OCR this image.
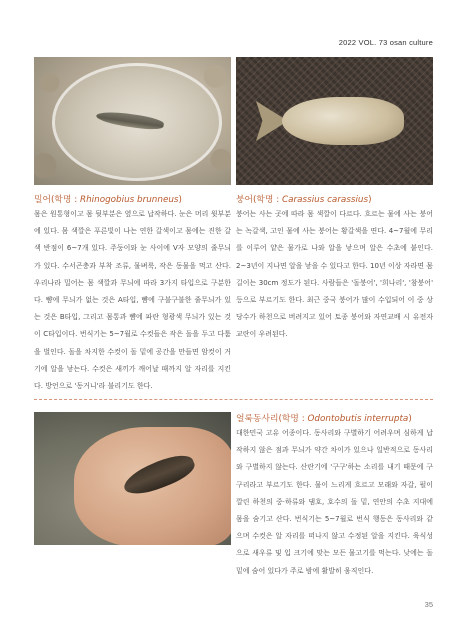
2022 VOL. 73 osan culture
밀어(학명 : Rhinogobius brunneus)
몸은 원통형이고 몸 뒷부분은 옆으로 납작하다. 눈은 머리 윗부분에 있다. 몸 색깔은 푸른빛이 나는 연한 갈색이고 몸에는 진한 갈색 반점이 6~7개 있다. 주둥이와 눈 사이에 V자 모양의 줄무늬가 있다. 수서곤충과 부착 조류, 물벼룩, 작은 동물을 먹고 산다. 우리나라 밀어는 몸 색깔과 무늬에 따라 3가지 타입으로 구분한다. 뺨에 무늬가 없는 것은 A타입, 뺨에 구불구불한 줄무늬가 있는 것은 B타입, 그리고 몸통과 뺨에 파란 형광색 무늬가 있는 것이 C타입이다. 번식기는 5~7월로 수컷들은 작은 돌을 두고 다툼을 벌인다. 돌을 차지한 수컷이 돌 밑에 공간을 만들면 암컷이 거기에 알을 낳는다. 수컷은 새끼가 깨어날 때까지 알 자리를 지킨다. 방언으로 '동거니'라 불리기도 한다.
붕어(학명 : Carassius carassius)
붕어는 사는 곳에 따라 몸 색깔이 다르다. 흐르는 물에 사는 붕어는 녹갈색, 고인 물에 사는 붕어는 황갈색을 띤다. 4~7월에 무리를 이루어 얕은 물가로 나와 알을 낳으며 알은 수초에 붙인다. 2~3년이 지나면 알을 낳을 수 있다고 한다. 10년 이상 자라면 몸길이는 30cm 정도가 된다. 사람들은 '돌붕어', '희나리', '참붕어' 등으로 부르기도 한다. 최근 중국 붕어가 많이 수입되어 이 중 상당수가 하천으로 버려지고 있어 토종 붕어와 자연교배 시 유전자 교란이 우려된다.
얼룩동사리(학명 : Odontobutis interrupta)
대한민국 고유 어종이다. 동사리와 구별하기 어려우며 심하게 납작하지 않은 점과 무늬가 약간 차이가 있으나 일반적으로 동사리와 구별하지 않는다. 산란기에 '구구'하는 소리를 내기 때문에 구구리라고 부르기도 한다. 물이 느리게 흐르고 모래와 자갈, 펄이 깔린 하천의 중·하류와 댐호, 호수의 돌 밑, 연안의 수초 지대에 몸을 숨기고 산다. 번식기는 5~7월로 번식 행동은 동사리와 같으며 수컷은 알 자리를 떠나지 않고 수정된 알을 지킨다. 육식성으로 새우류 및 입 크기에 맞는 모든 물고기를 먹는다. 낮에는 돌 밑에 숨어 있다가 주로 밤에 활발히 움직인다.
35
